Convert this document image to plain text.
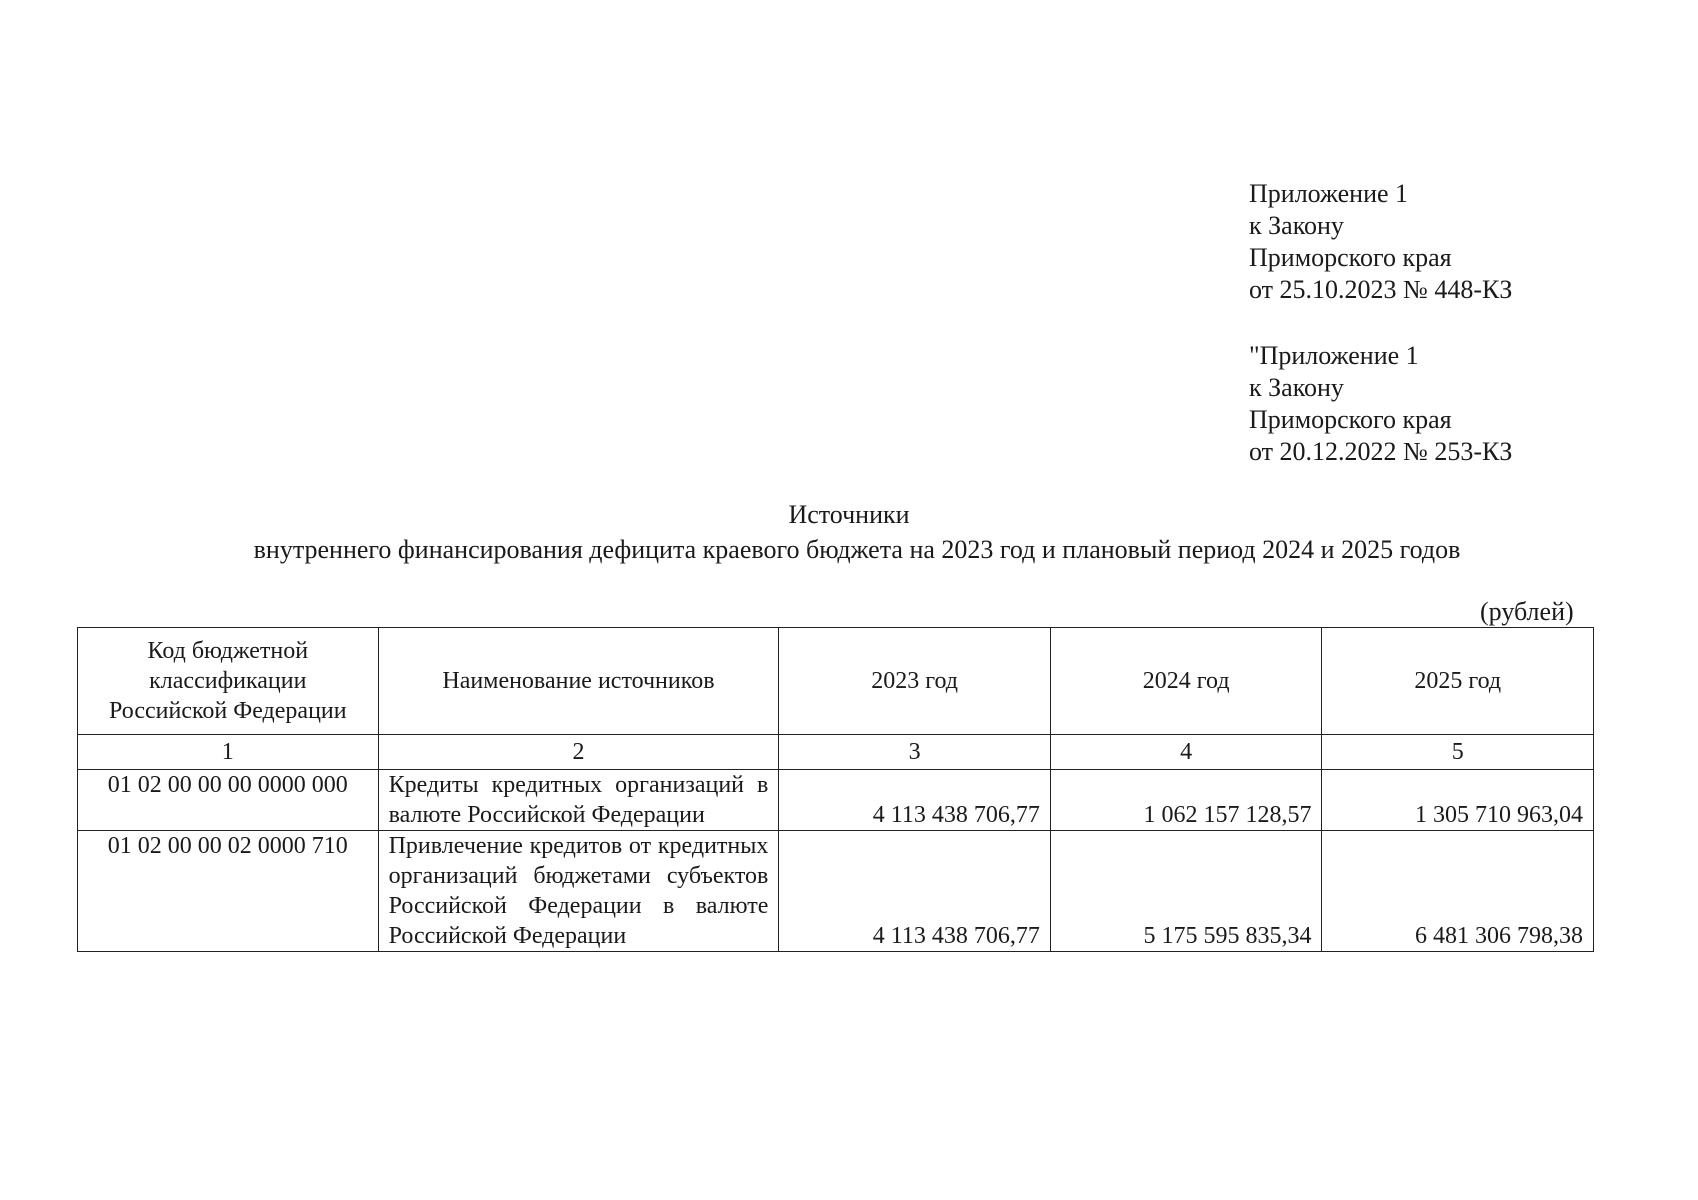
Приложение 1
к Закону
Приморского края
от 25.10.2023 № 448-КЗ
"Приложение 1
к Закону
Приморского края
от 20.12.2022 № 253-КЗ
Источники
внутреннего финансирования дефицита краевого бюджета на 2023 год и плановый период 2024 и 2025 годов
(рублей)
Код бюджетной
классификации
Российской Федерации	Наименование источников	2023 год	2024 год	2025 год
1	2	3	4	5
01 02 00 00 00 0000 000	Кредиты кредитных организаций в валюте Российской Федерации	4 113 438 706,77	1 062 157 128,57	1 305 710 963,04
01 02 00 00 02 0000 710	Привлечение кредитов от кредитных организаций бюджетами субъектов Российской Федерации в валюте Российской Федерации	4 113 438 706,77	5 175 595 835,34	6 481 306 798,38
